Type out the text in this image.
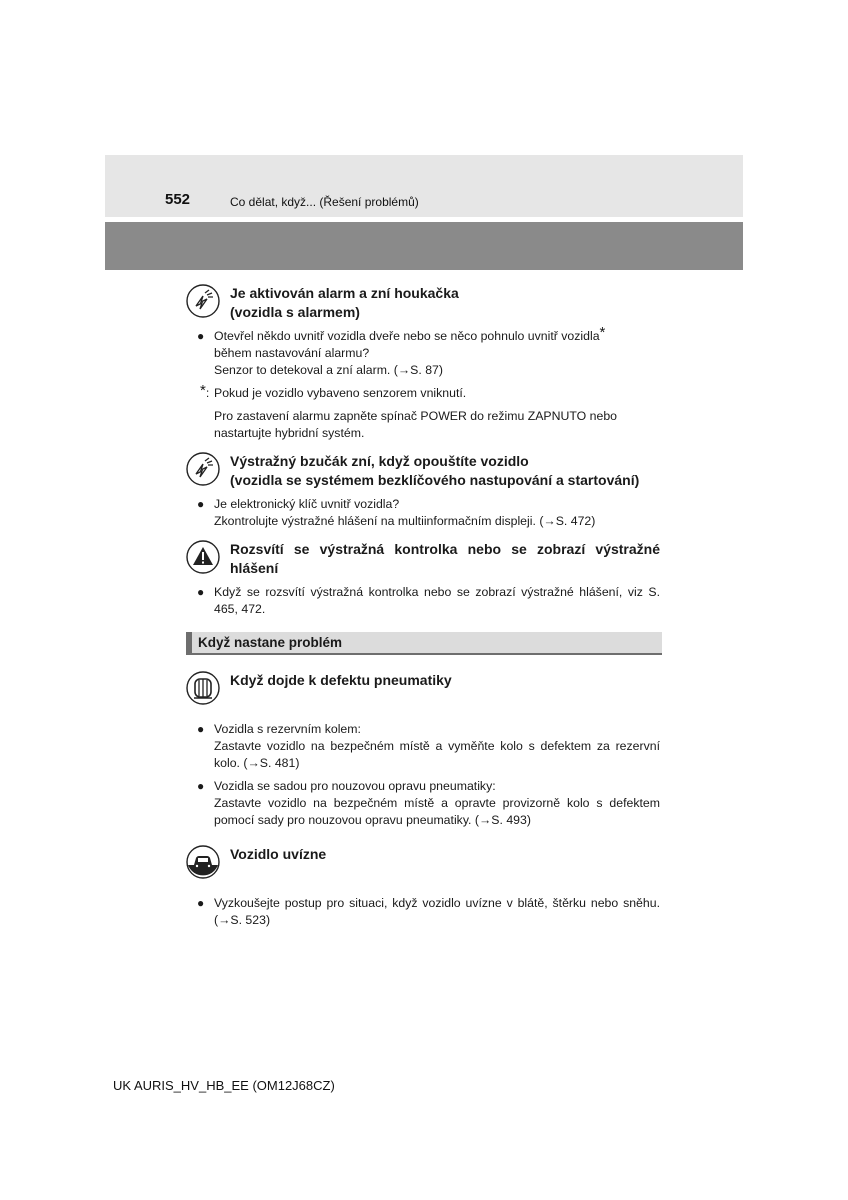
552	Co dělat, když... (Řešení problémů)
Je aktivován alarm a zní houkačka
(vozidla s alarmem)
● Otevřel někdo uvnitř vozidla dveře nebo se něco pohnulo uvnitř vozidla*

během nastavování alarmu?

Senzor to detekoval a zní alarm. (→S. 87)

*: Pokud je vozidlo vybaveno senzorem vniknutí.

Pro zastavení alarmu zapněte spínač POWER do režimu ZAPNUTO nebo nastartujte hybridní systém.

Výstražný bzučák zní, když opouštíte vozidlo
(vozidla se systémem bezklíčového nastupování a startování)
● Je elektronický klíč uvnitř vozidla?

Zkontrolujte výstražné hlášení na multiinformačním displeji. (→S. 472)

Rozsvítí se výstražná kontrolka nebo se zobrazí výstražné hlášení
● Když se rozsvítí výstražná kontrolka nebo se zobrazí výstražné hlášení, viz S. 465, 472.

Když nastane problém
Když dojde k defektu pneumatiky
● Vozidla s rezervním kolem:

Zastavte vozidlo na bezpečném místě a vyměňte kolo s defektem za rezervní kolo. (→S. 481)

● Vozidla se sadou pro nouzovou opravu pneumatiky:

Zastavte vozidlo na bezpečném místě a opravte provizorně kolo s defektem pomocí sady pro nouzovou opravu pneumatiky. (→S. 493)

Vozidlo uvízne
● Vyzkoušejte postup pro situaci, když vozidlo uvízne v blátě, štěrku nebo sněhu. (→S. 523)

UK AURIS_HV_HB_EE (OM12J68CZ)
